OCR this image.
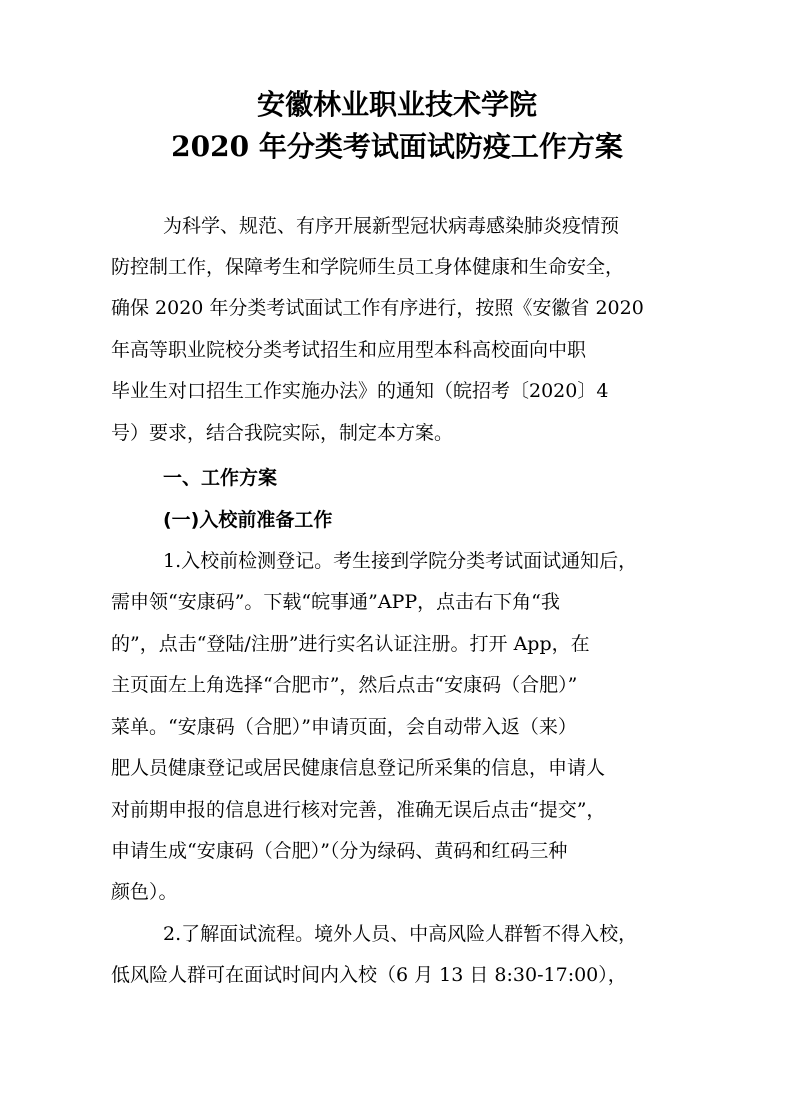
安徽林业职业技术学院
2020 年分类考试面试防疫工作方案
为科学、规范、有序开展新型冠状病毒感染肺炎疫情预
防控制工作，保障考生和学院师生员工身体健康和生命安全，
确保 2020 年分类考试面试工作有序进行，按照《安徽省 2020
年高等职业院校分类考试招生和应用型本科高校面向中职
毕业生对口招生工作实施办法》的通知（皖招考〔2020〕4
号）要求，结合我院实际，制定本方案。
一、工作方案
(一)入校前准备工作
1.入校前检测登记。考生接到学院分类考试面试通知后，
需申领“安康码”。下载“皖事通”APP，点击右下角“我
的”，点击“登陆/注册”进行实名认证注册。打开 App，在
主页面左上角选择“合肥市”，然后点击“安康码（合肥）”
菜单。“安康码（合肥）”申请页面，会自动带入返（来）
肥人员健康登记或居民健康信息登记所采集的信息，申请人
对前期申报的信息进行核对完善，准确无误后点击“提交”，
申请生成“安康码（合肥）”（分为绿码、黄码和红码三种
颜色）。
2.了解面试流程。境外人员、中高风险人群暂不得入校，
低风险人群可在面试时间内入校（6 月 13 日 8:30-17:00），
